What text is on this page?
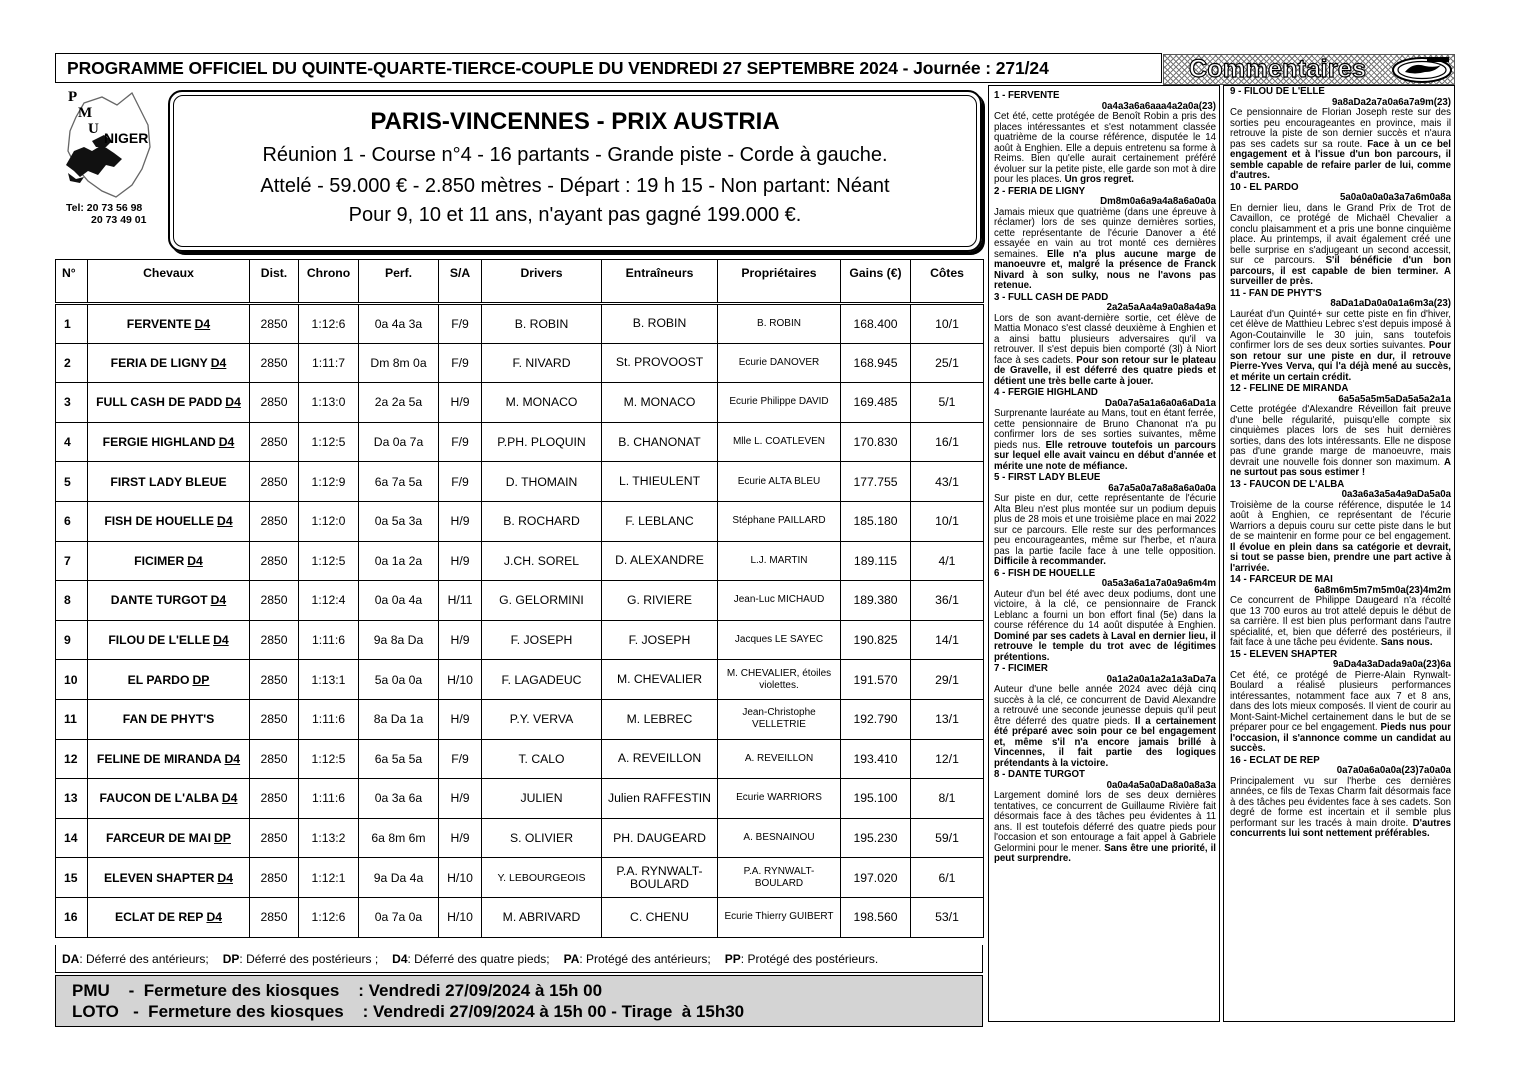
PROGRAMME OFFICIEL DU QUINTE-QUARTE-TIERCE-COUPLE DU VENDREDI 27 SEPTEMBRE 2024 - Journée : 271/24	Commentaires
P
M
U
NIGER
Tel: 20 73 56 98
20 73 49 01
PARIS-VINCENNES - PRIX AUSTRIA
Réunion 1 - Course n°4 - 16 partants - Grande piste - Corde à gauche.
Attelé - 59.000 € - 2.850 mètres - Départ : 19 h 15 - Non partant: Néant
Pour 9, 10 et 11 ans, n'ayant pas gagné 199.000 €.
N°	Chevaux	Dist.	Chrono	Perf.	S/A	Drivers	Entraîneurs	Propriétaires	Gains (€)	Côtes
1	FERVENTE D4	2850	1:12:6	0a 4a 3a	F/9	B. ROBIN	B. ROBIN	B. ROBIN	168.400	10/1
2	FERIA DE LIGNY D4	2850	1:11:7	Dm 8m 0a	F/9	F. NIVARD	St. PROVOOST	Ecurie DANOVER	168.945	25/1
3	FULL CASH DE PADD D4	2850	1:13:0	2a 2a 5a	H/9	M. MONACO	M. MONACO	Ecurie Philippe DAVID	169.485	5/1
4	FERGIE HIGHLAND D4	2850	1:12:5	Da 0a 7a	F/9	P.PH. PLOQUIN	B. CHANONAT	Mlle L. COATLEVEN	170.830	16/1
5	FIRST LADY BLEUE	2850	1:12:9	6a 7a 5a	F/9	D. THOMAIN	L. THIEULENT	Ecurie ALTA BLEU	177.755	43/1
6	FISH DE HOUELLE D4	2850	1:12:0	0a 5a 3a	H/9	B. ROCHARD	F. LEBLANC	Stéphane PAILLARD	185.180	10/1
7	FICIMER D4	2850	1:12:5	0a 1a 2a	H/9	J.CH. SOREL	D. ALEXANDRE	L.J. MARTIN	189.115	4/1
8	DANTE TURGOT D4	2850	1:12:4	0a 0a 4a	H/11	G. GELORMINI	G. RIVIERE	Jean-Luc MICHAUD	189.380	36/1
9	FILOU DE L'ELLE D4	2850	1:11:6	9a 8a Da	H/9	F. JOSEPH	F. JOSEPH	Jacques LE SAYEC	190.825	14/1
10	EL PARDO DP	2850	1:13:1	5a 0a 0a	H/10	F. LAGADEUC	M. CHEVALIER	M. CHEVALIER, étoiles violettes.	191.570	29/1
11	FAN DE PHYT'S	2850	1:11:6	8a Da 1a	H/9	P.Y. VERVA	M. LEBREC	Jean-Christophe VELLETRIE	192.790	13/1
12	FELINE DE MIRANDA D4	2850	1:12:5	6a 5a 5a	F/9	T. CALO	A. REVEILLON	A. REVEILLON	193.410	12/1
13	FAUCON DE L'ALBA D4	2850	1:11:6	0a 3a 6a	H/9	JULIEN	Julien RAFFESTIN	Ecurie WARRIORS	195.100	8/1
14	FARCEUR DE MAI DP	2850	1:13:2	6a 8m 6m	H/9	S. OLIVIER	PH. DAUGEARD	A. BESNAINOU	195.230	59/1
15	ELEVEN SHAPTER D4	2850	1:12:1	9a Da 4a	H/10	Y. LEBOURGEOIS	P.A. RYNWALT-BOULARD	P.A. RYNWALT-BOULARD	197.020	6/1
16	ECLAT DE REP D4	2850	1:12:6	0a 7a 0a	H/10	M. ABRIVARD	C. CHENU	Ecurie Thierry GUIBERT	198.560	53/1
DA : Déferré des antérieurs; DP : Déferré des postérieurs ; D4 : Déferré des quatre pieds; PA : Protégé des antérieurs; PP : Protégé des postérieurs.
PMU    -  Fermeture des kiosques    : Vendredi 27/09/2024 à 15h 00
LOTO   -  Fermeture des kiosques    : Vendredi 27/09/2024 à 15h 00 - Tirage  à 15h30
1 - FERVENTE
0a4a3a6a6aaa4a2a0a(23)
Cet été, cette protégée de Benoît Robin a pris des places intéressantes et s'est notamment classée quatrième de la course référence, disputée le 14 août à Enghien. Elle a depuis entretenu sa forme à Reims. Bien qu'elle aurait certainement préféré évoluer sur la petite piste, elle garde son mot à dire pour les places. Un gros regret.
2 - FERIA DE LIGNY
Dm8m0a6a9a4a8a6a0a0a
Jamais mieux que quatrième (dans une épreuve à réclamer) lors de ses quinze dernières sorties, cette représentante de l'écurie Danover a été essayée en vain au trot monté ces dernières semaines. Elle n'a plus aucune marge de manoeuvre et, malgré la présence de Franck Nivard à son sulky, nous ne l'avons pas retenue.
3 - FULL CASH DE PADD
2a2a5aAa4a9a0a8a4a9a
Lors de son avant-dernière sortie, cet élève de Mattia Monaco s'est classé deuxième à Enghien et a ainsi battu plusieurs adversaires qu'il va retrouver. Il s'est depuis bien comporté (3l) à Niort face à ses cadets. Pour son retour sur le plateau de Gravelle, il est déferré des quatre pieds et détient une très belle carte à jouer.
4 - FERGIE HIGHLAND
Da0a7a5a1a6a0a6aDa1a
Surprenante lauréate au Mans, tout en étant ferrée, cette pensionnaire de Bruno Chanonat n'a pu confirmer lors de ses sorties suivantes, même pieds nus. Elle retrouve toutefois un parcours sur lequel elle avait vaincu en début d'année et mérite une note de méfiance.
5 - FIRST LADY BLEUE
6a7a5a0a7a8a8a6a0a0a
Sur piste en dur, cette représentante de l'écurie Alta Bleu n'est plus montée sur un podium depuis plus de 28 mois et une troisième place en mai 2022 sur ce parcours. Elle reste sur des performances peu encourageantes, même sur l'herbe, et n'aura pas la partie facile face à une telle opposition. Difficile à recommander.
6 - FISH DE HOUELLE
0a5a3a6a1a7a0a9a6m4m
Auteur d'un bel été avec deux podiums, dont une victoire, à la clé, ce pensionnaire de Franck Leblanc a fourni un bon effort final (5e) dans la course référence du 14 août disputée à Enghien. Dominé par ses cadets à Laval en dernier lieu, il retrouve le temple du trot avec de légitimes prétentions.
7 - FICIMER
0a1a2a0a1a2a1a3aDa7a
Auteur d'une belle année 2024 avec déjà cinq succès à la clé, ce concurrent de David Alexandre a retrouvé une seconde jeunesse depuis qu'il peut être déferré des quatre pieds. Il a certainement été préparé avec soin pour ce bel engagement et, même s'il n'a encore jamais brillé à Vincennes, il fait partie des logiques prétendants à la victoire.
8 - DANTE TURGOT
0a0a4a5a0aDa8a0a8a3a
Largement dominé lors de ses deux dernières tentatives, ce concurrent de Guillaume Rivière fait désormais face à des tâches peu évidentes à 11 ans. Il est toutefois déferré des quatre pieds pour l'occasion et son entourage a fait appel à Gabriele Gelormini pour le mener. Sans être une priorité, il peut surprendre.
9 - FILOU DE L'ELLE
9a8aDa2a7a0a6a7a9m(23)
Ce pensionnaire de Florian Joseph reste sur des sorties peu encourageantes en province, mais il retrouve la piste de son dernier succès et n'aura pas ses cadets sur sa route. Face à un ce bel engagement et à l'issue d'un bon parcours, il semble capable de refaire parler de lui, comme d'autres.
10 - EL PARDO
5a0a0a0a0a3a7a6m0a8a
En dernier lieu, dans le Grand Prix de Trot de Cavaillon, ce protégé de Michaël Chevalier a conclu plaisamment et a pris une bonne cinquième place. Au printemps, il avait également créé une belle surprise en s'adjugeant un second accessit, sur ce parcours. S'il bénéficie d'un bon parcours, il est capable de bien terminer. A surveiller de près.
11 - FAN DE PHYT'S
8aDa1aDa0a0a1a6m3a(23)
Lauréat d'un Quinté+ sur cette piste en fin d'hiver, cet élève de Matthieu Lebrec s'est depuis imposé à Agon-Coutainville le 30 juin, sans toutefois confirmer lors de ses deux sorties suivantes. Pour son retour sur une piste en dur, il retrouve Pierre-Yves Verva, qui l'a déjà mené au succès, et mérite un certain crédit.
12 - FELINE DE MIRANDA
6a5a5a5m5aDa5a5a2a1a
Cette protégée d'Alexandre Réveillon fait preuve d'une belle régularité, puisqu'elle compte six cinquièmes places lors de ses huit dernières sorties, dans des lots intéressants. Elle ne dispose pas d'une grande marge de manoeuvre, mais devrait une nouvelle fois donner son maximum. A ne surtout pas sous estimer !
13 - FAUCON DE L'ALBA
0a3a6a3a5a4a9aDa5a0a
Troisième de la course référence, disputée le 14 août à Enghien, ce représentant de l'écurie Warriors a depuis couru sur cette piste dans le but de se maintenir en forme pour ce bel engagement. Il évolue en plein dans sa catégorie et devrait, si tout se passe bien, prendre une part active à l'arrivée.
14 - FARCEUR DE MAI
6a8m6m5m7m5m0a(23)4m2m
Ce concurrent de Philippe Daugeard n'a récolté que 13 700 euros au trot attelé depuis le début de sa carrière. Il est bien plus performant dans l'autre spécialité, et, bien que déferré des postérieurs, il fait face à une tâche peu évidente. Sans nous.
15 - ELEVEN SHAPTER
9aDa4a3aDada9a0a(23)6a
Cet été, ce protégé de Pierre-Alain Rynwalt-Boulard a réalisé plusieurs performances intéressantes, notamment face aux 7 et 8 ans, dans des lots mieux composés. Il vient de courir au Mont-Saint-Michel certainement dans le but de se préparer pour ce bel engagement. Pieds nus pour l'occasion, il s'annonce comme un candidat au succès.
16 - ECLAT DE REP
0a7a0a6a0a0a(23)7a0a0a
Principalement vu sur l'herbe ces dernières années, ce fils de Texas Charm fait désormais face à des tâches peu évidentes face à ses cadets. Son degré de forme est incertain et il semble plus performant sur les tracés à main droite. D'autres concurrents lui sont nettement préférables.
